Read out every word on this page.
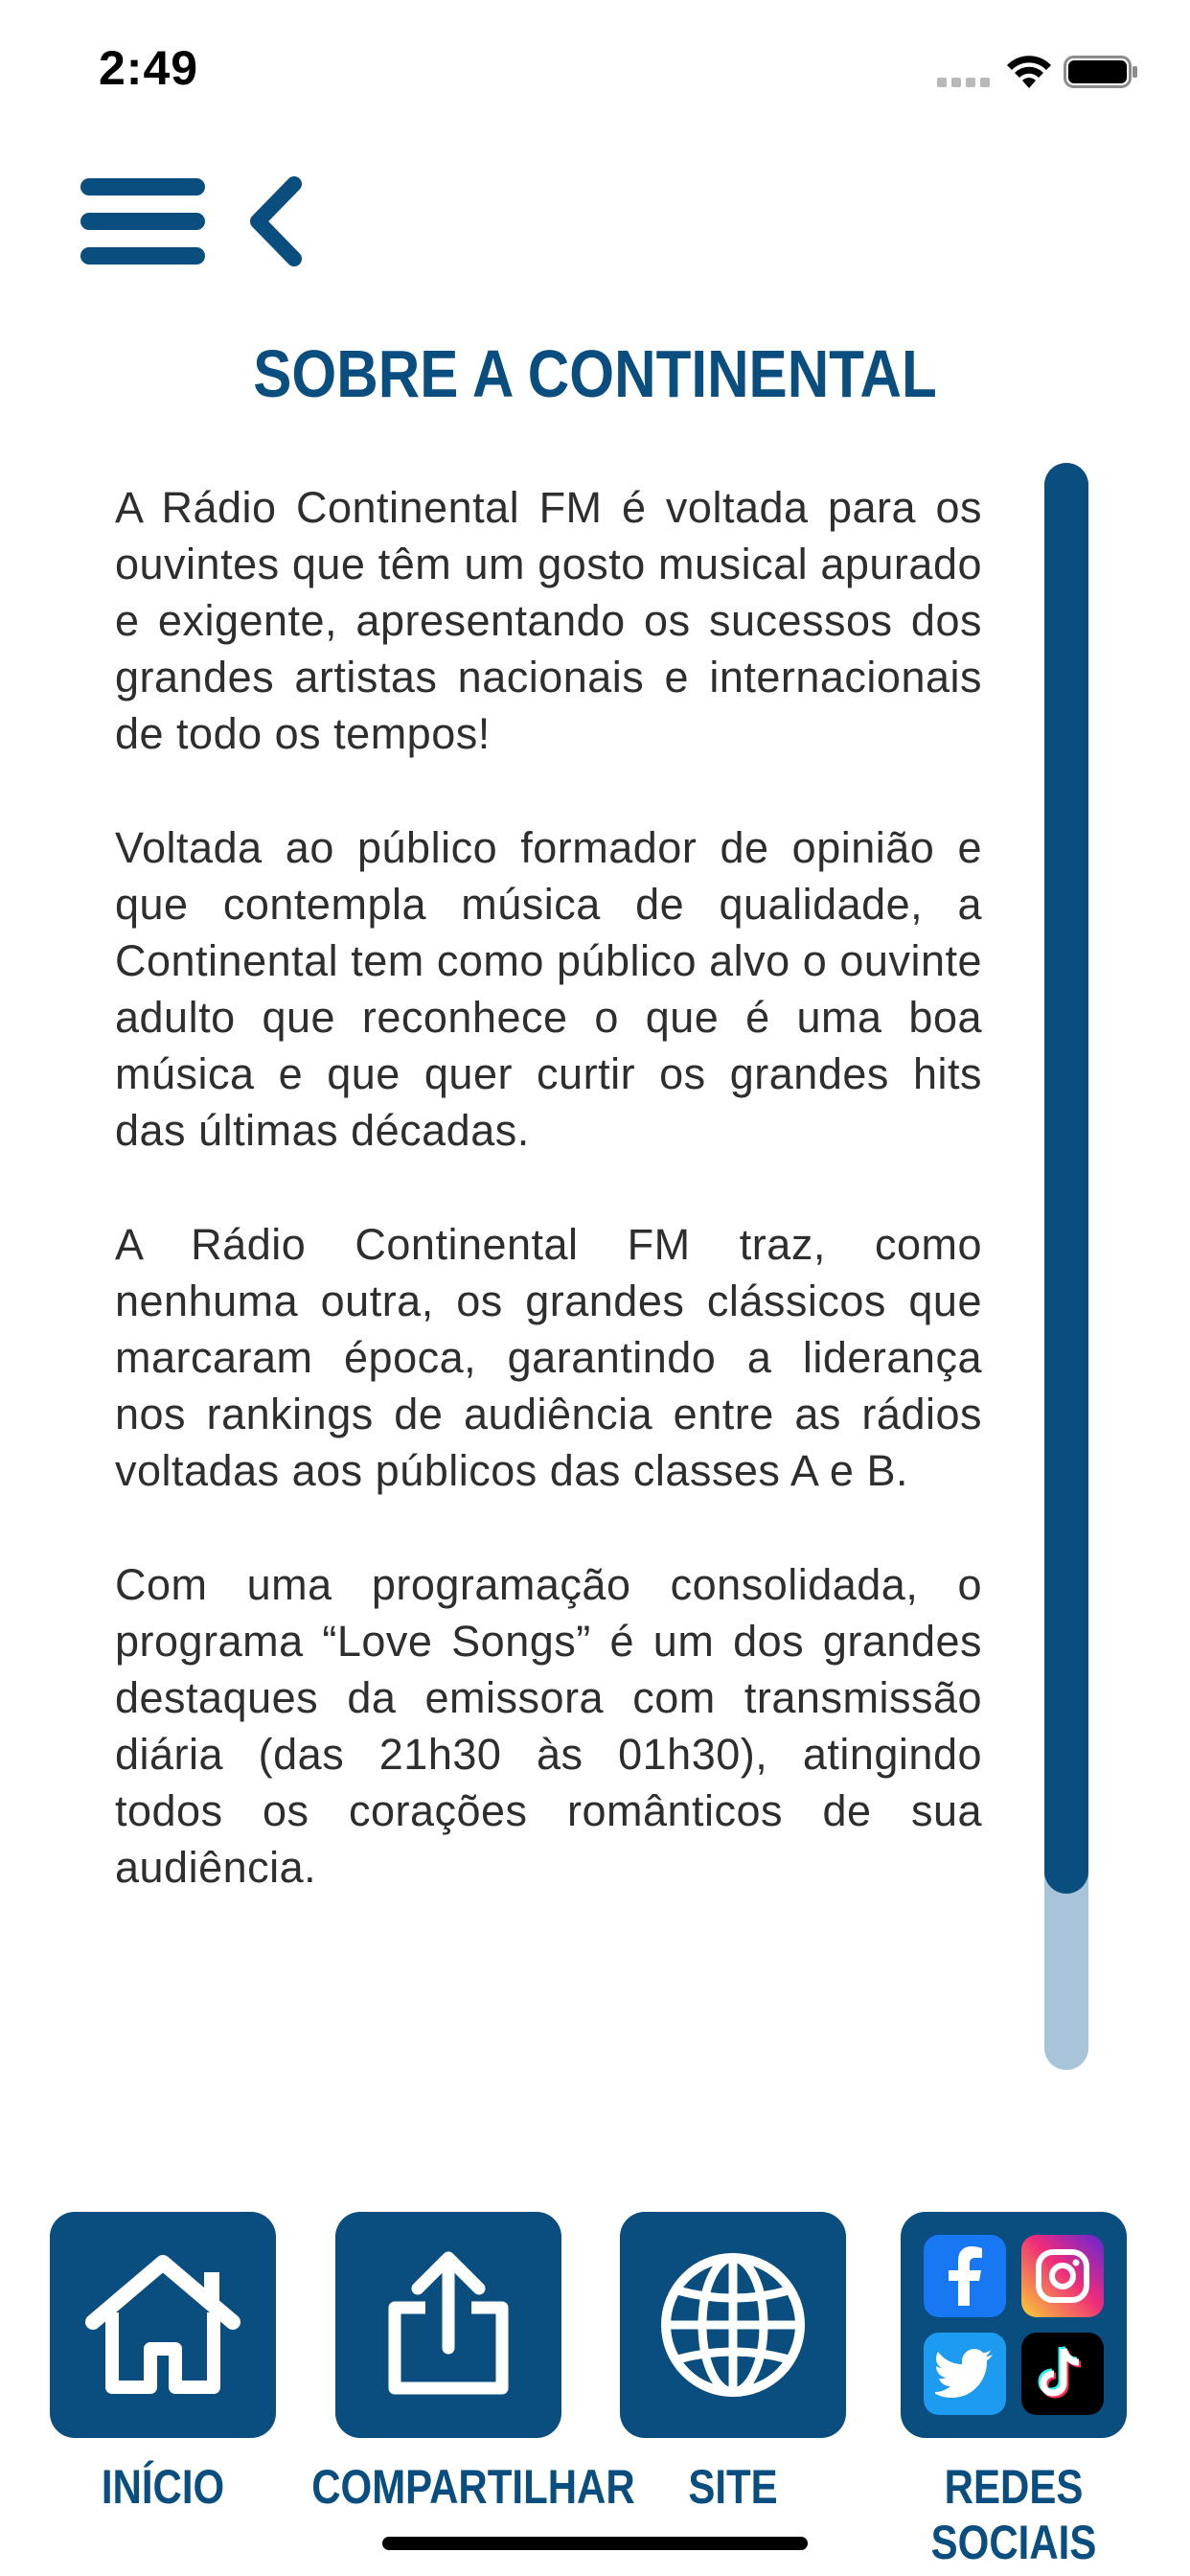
2:49
SOBRE A CONTINENTAL

A Rádio Continental FM é voltada para os ouvintes que têm um gosto musical apurado e exigente, apresentando os sucessos dos grandes artistas nacionais e internacionais de todo os tempos!

Voltada ao público formador de opinião e que contempla música de qualidade, a Continental tem como público alvo o ouvinte adulto que reconhece o que é uma boa música e que quer curtir os grandes hits das últimas décadas.

A Rádio Continental FM traz, como nenhuma outra, os grandes clássicos que marcaram época, garantindo a liderança nos rankings de audiência entre as rádios voltadas aos públicos das classes A e B.

Com uma programação consolidada, o programa “Love Songs” é um dos grandes destaques da emissora com transmissão diária (das 21h30 às 01h30), atingindo todos os corações românticos de sua audiência.

INÍCIO	COMPARTILHAR	SITE	REDES SOCIAIS
